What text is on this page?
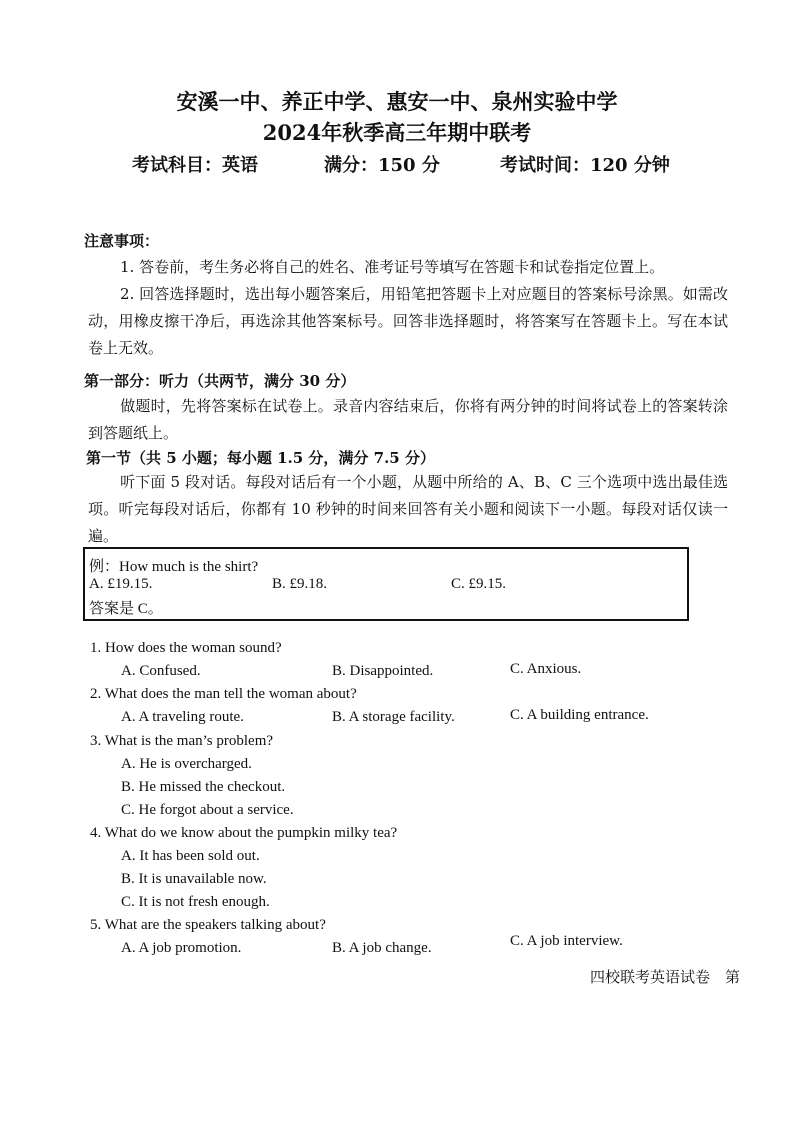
安溪一中、养正中学、惠安一中、泉州实验中学
2024年秋季高三年期中联考
考试科目：英语	满分：150 分	考试时间：120 分钟
注意事项：
1. 答卷前，考生务必将自己的姓名、准考证号等填写在答题卡和试卷指定位置上。
2. 回答选择题时，选出每小题答案后，用铅笔把答题卡上对应题目的答案标号涂黑。如需改动，用橡皮擦干净后，再选涂其他答案标号。回答非选择题时，将答案写在答题卡上。写在本试卷上无效。
第一部分：听力（共两节，满分 30 分）
做题时，先将答案标在试卷上。录音内容结束后，你将有两分钟的时间将试卷上的答案转涂到答题纸上。
第一节（共 5 小题；每小题 1.5 分，满分 7.5 分）
听下面 5 段对话。每段对话后有一个小题，从题中所给的 A、B、C 三个选项中选出最佳选项。听完每段对话后，你都有 10 秒钟的时间来回答有关小题和阅读下一小题。每段对话仅读一遍。
例：How much is the shirt?
A. £19.15.	B. £9.18.	C. £9.15.
答案是 C。
1. How does the woman sound?
A. Confused.	B. Disappointed.	C. Anxious.
2. What does the man tell the woman about?
A. A traveling route.	B. A storage facility.	C. A building entrance.
3. What is the man’s problem?
A. He is overcharged.
B. He missed the checkout.
C. He forgot about a service.
4. What do we know about the pumpkin milky tea?
A. It has been sold out.
B. It is unavailable now.
C. It is not fresh enough.
5. What are the speakers talking about?
A. A job promotion.	B. A job change.	C. A job interview.
四校联考英语试卷　第
